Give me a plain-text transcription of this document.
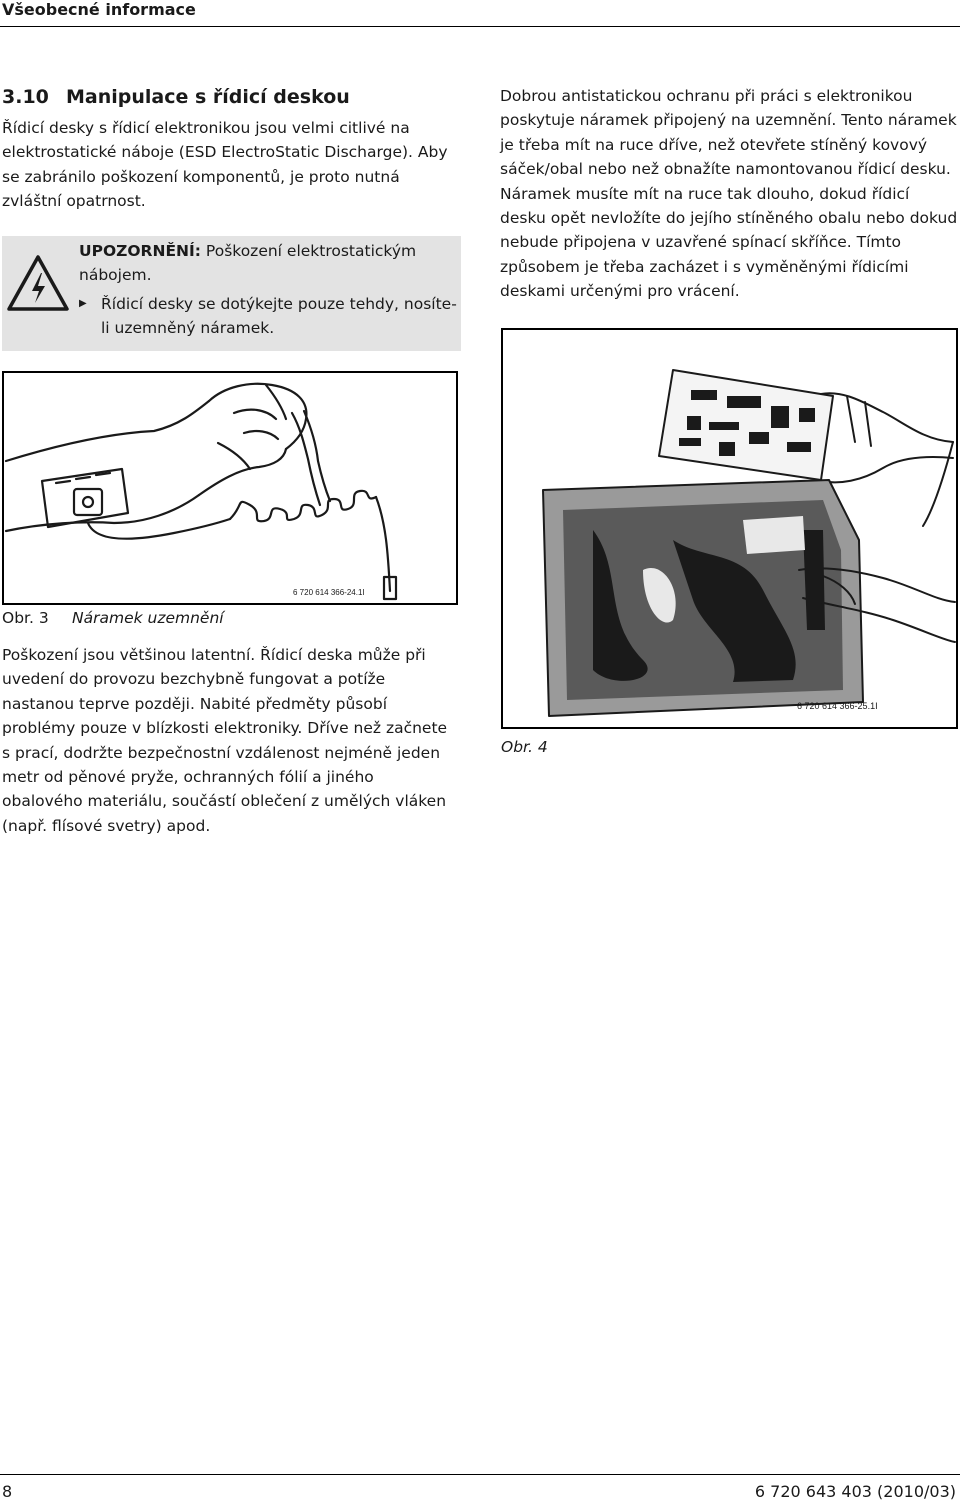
Všeobecné informace
3.10 Manipulace s řídicí deskou
Řídicí desky s řídicí elektronikou jsou velmi citlivé na elektrostatické náboje (ESD ElectroStatic Discharge). Aby se zabránilo poškození komponentů, je proto nutná zvláštní opatrnost.
UPOZORNĚNÍ: Poškození elektrostatickým nábojem.
▶ Řídicí desky se dotýkejte pouze tehdy, nosíte-li uzemněný náramek.
Dobrou antistatickou ochranu při práci s elektronikou poskytuje náramek připojený na uzemnění. Tento náramek je třeba mít na ruce dříve, než otevřete stíněný kovový sáček/obal nebo než obnažíte namontovanou řídicí desku. Náramek musíte mít na ruce tak dlouho, dokud řídicí desku opět nevložíte do jejího stíněného obalu nebo dokud nebude připojena v uzavřené spínací skříňce. Tímto způsobem je třeba zacházet i s vyměněnými řídicími deskami určenými pro vrácení.
6 720 614 366-24.1I
Obr. 3 Náramek uzemnění
6 720 614 366-25.1I
Obr. 4
Poškození jsou většinou latentní. Řídicí deska může při uvedení do provozu bezchybně fungovat a potíže nastanou teprve později. Nabité předměty působí problémy pouze v blízkosti elektroniky. Dříve než začnete s prací, dodržte bezpečnostní vzdálenost nejméně jeden metr od pěnové pryže, ochranných fólií a jiného obalového materiálu, součástí oblečení z umělých vláken (např. flísové svetry) apod.
8	6 720 643 403 (2010/03)
